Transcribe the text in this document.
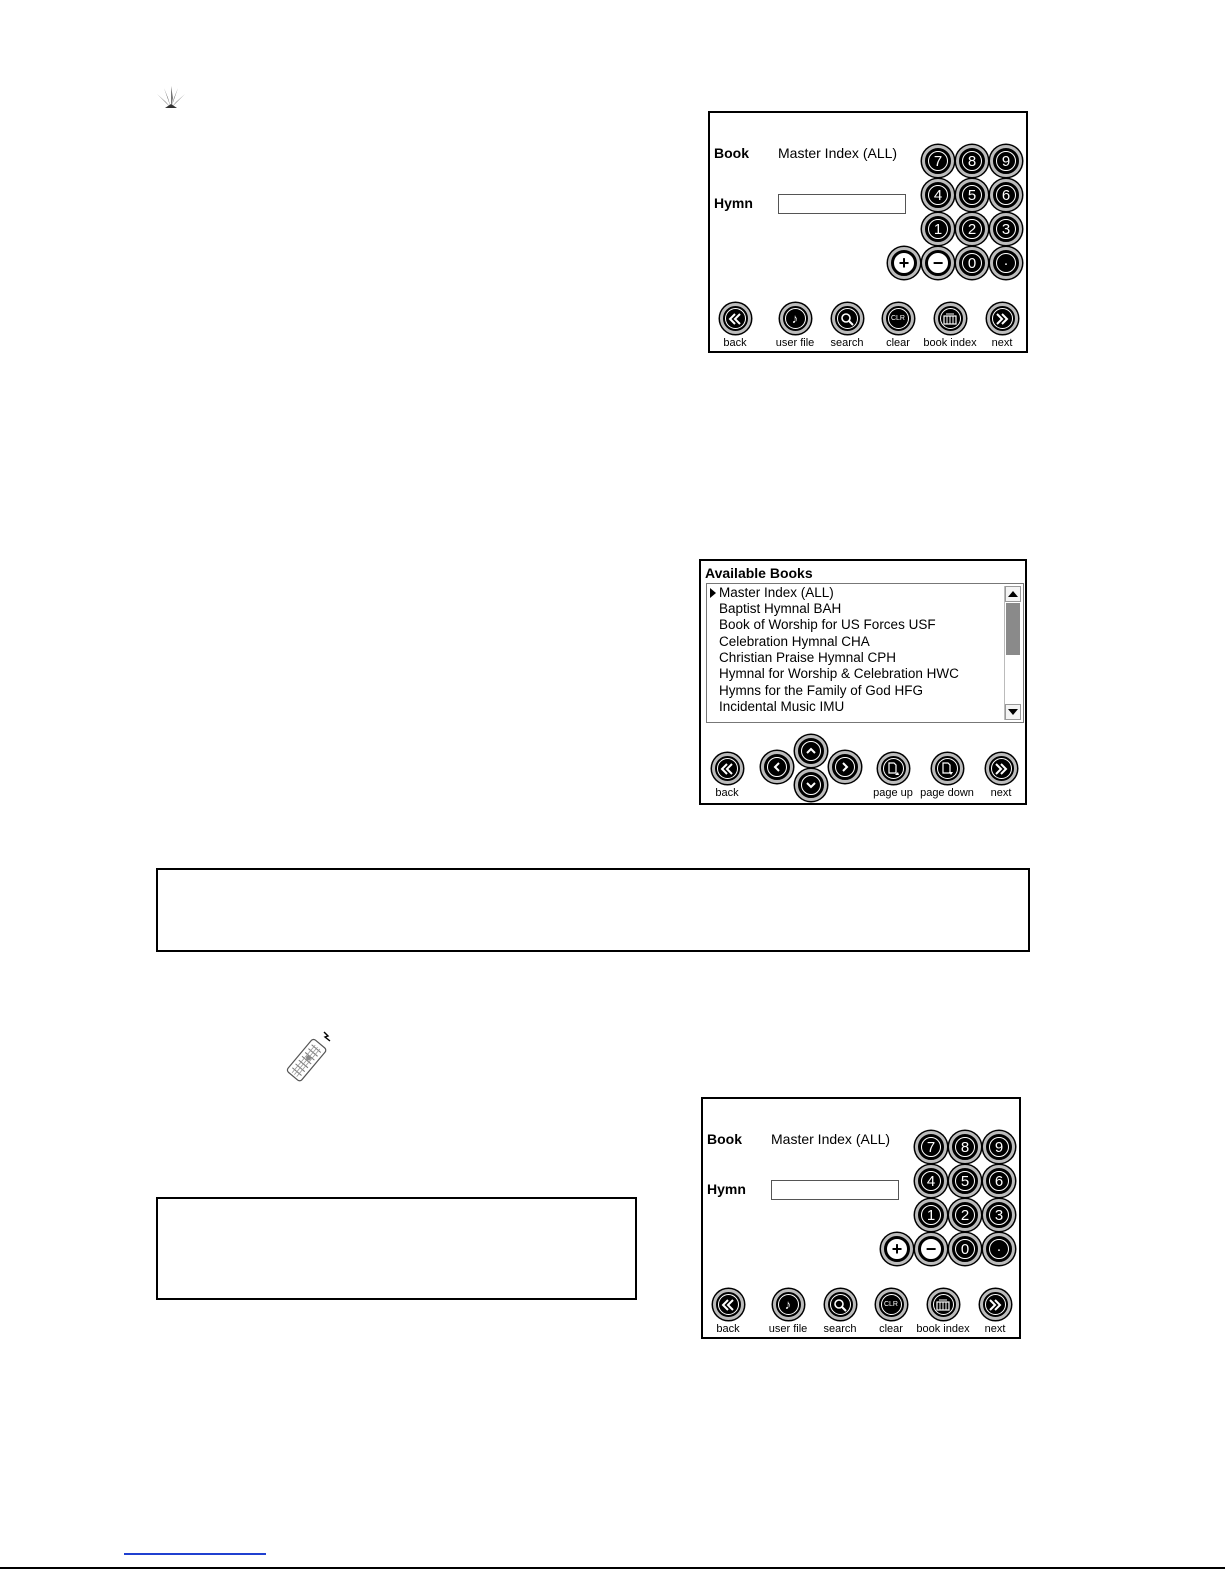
Book Master Index (ALL)
Hymn
7	8	9
4	5	6
1	2	3
+ −	0	·
back
♪
user file search
CLR
clear book index next
Available Books
Master Index (ALL)
Baptist Hymnal BAH
Book of Worship for US Forces USF
Celebration Hymnal CHA
Christian Praise Hymnal CPH
Hymnal for Worship & Celebration HWC
Hymns for the Family of God HFG
Incidental Music IMU
back	page up page down next
Book Master Index (ALL)
Hymn
7	8	9
4	5	6
1	2	3
+ −	0	·
back
♪
user file search
CLR
clear book index next
